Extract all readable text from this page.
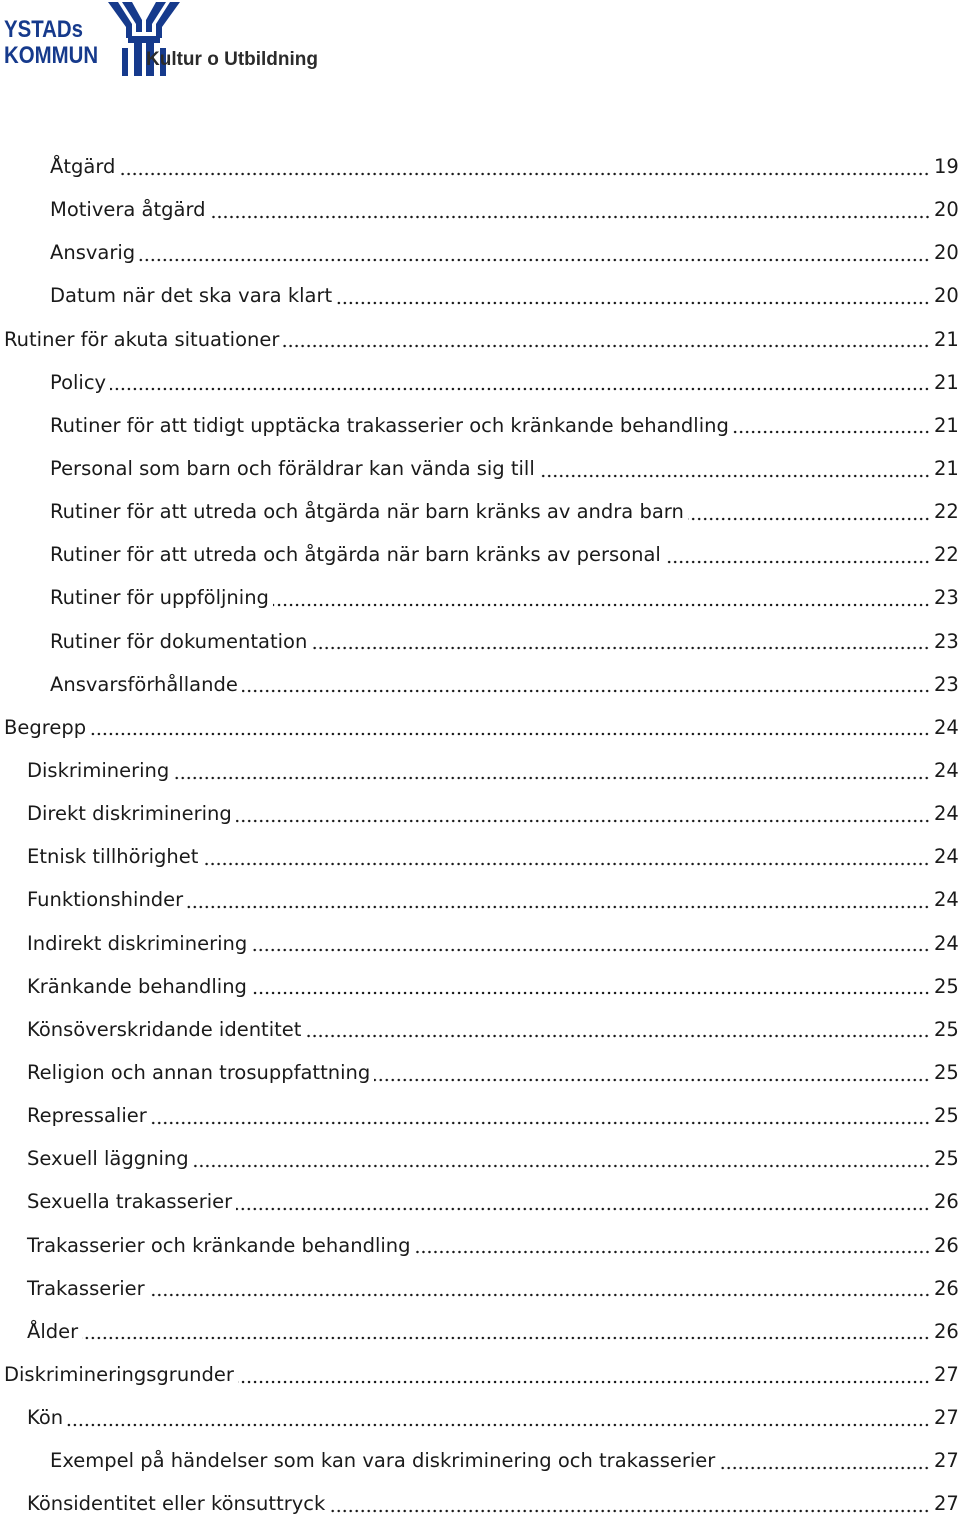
YSTADs
KOMMUN	Kultur o Utbildning
Åtgärd	19
Motivera åtgärd	20
Ansvarig	20
Datum när det ska vara klart	20
Rutiner för akuta situationer	21
Policy	21
Rutiner för att tidigt upptäcka trakasserier och kränkande behandling	21
Personal som barn och föräldrar kan vända sig till	21
Rutiner för att utreda och åtgärda när barn kränks av andra barn	22
Rutiner för att utreda och åtgärda när barn kränks av personal	22
Rutiner för uppföljning	23
Rutiner för dokumentation	23
Ansvarsförhållande	23
Begrepp	24
Diskriminering	24
Direkt diskriminering	24
Etnisk tillhörighet	24
Funktionshinder	24
Indirekt diskriminering	24
Kränkande behandling	25
Könsöverskridande identitet	25
Religion och annan trosuppfattning	25
Repressalier	25
Sexuell läggning	25
Sexuella trakasserier	26
Trakasserier och kränkande behandling	26
Trakasserier	26
Ålder	26
Diskrimineringsgrunder	27
Kön	27
Exempel på händelser som kan vara diskriminering och trakasserier	27
Könsidentitet eller könsuttryck	27
